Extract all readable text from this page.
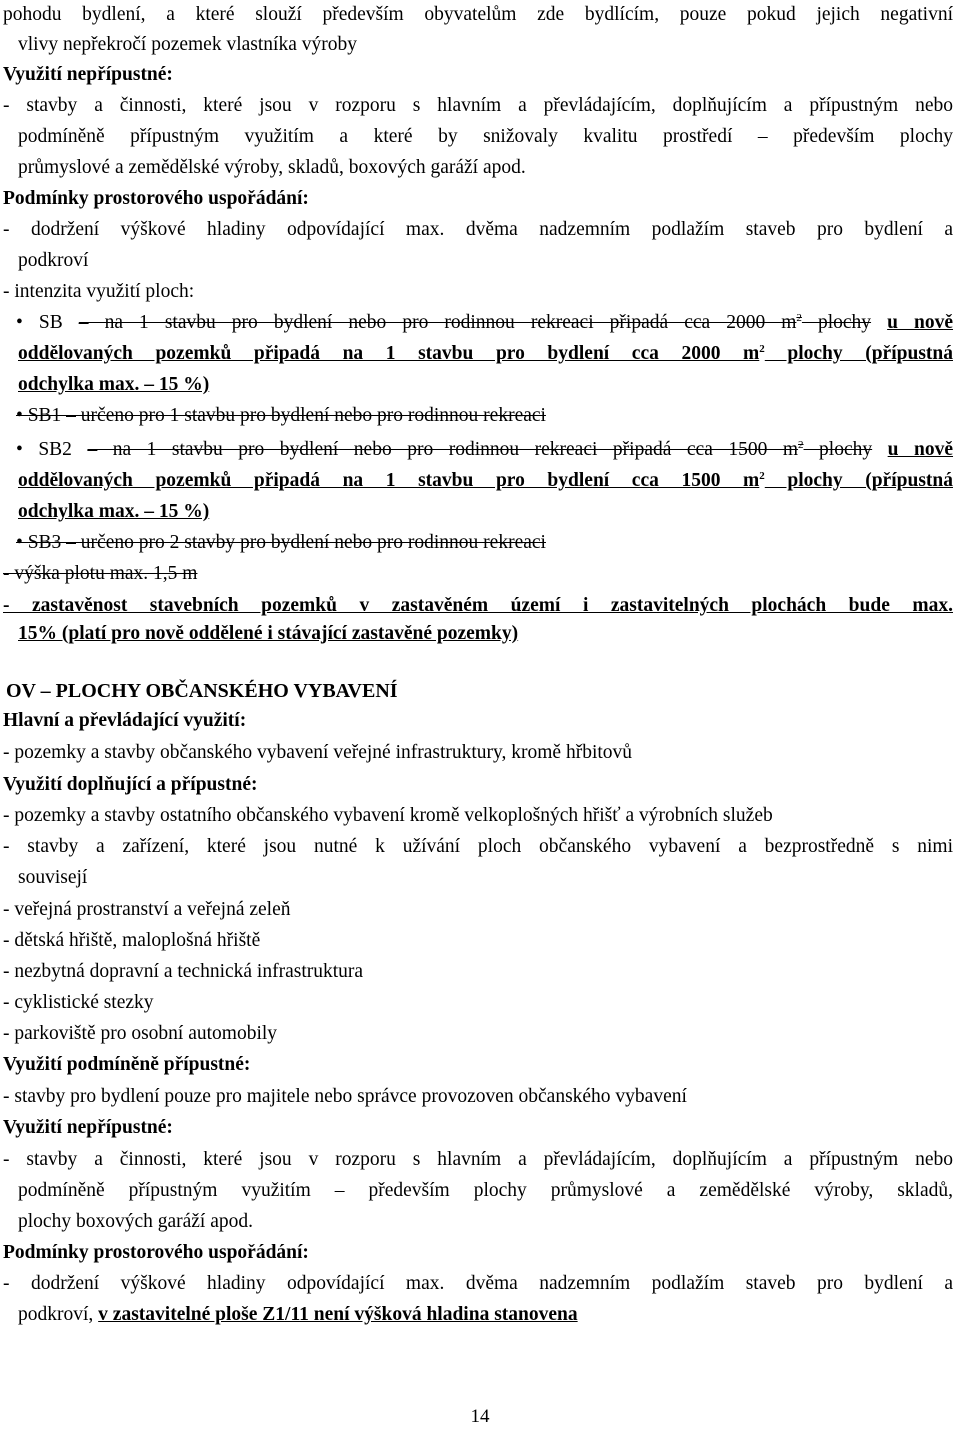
pohodu bydlení, a které slouží především obyvatelům zde bydlícím, pouze pokud jejich negativní
vlivy nepřekročí pozemek vlastníka výroby
Využití nepřípustné:
- stavby a činnosti, které jsou v rozporu s hlavním a převládajícím, doplňujícím a přípustným nebo
podmíněně přípustným využitím a které by snižovaly kvalitu prostředí – především plochy
průmyslové a zemědělské výroby, skladů, boxových garáží apod.
Podmínky prostorového uspořádání:
- dodržení výškové hladiny odpovídající max. dvěma nadzemním podlažím staveb pro bydlení a
podkroví
- intenzita využití ploch:
• SB – na 1 stavbu pro bydlení nebo pro rodinnou rekreaci připadá cca 2000 $m^2$ plochy u nově
oddělovaných pozemků připadá na 1 stavbu pro bydlení cca 2000 $m^2$ plochy (přípustná
odchylka max. – 15 %)
• SB1 – určeno pro 1 stavbu pro bydlení nebo pro rodinnou rekreaci
• SB2 – na 1 stavbu pro bydlení nebo pro rodinnou rekreaci připadá cca 1500 $m^2$ plochy u nově
oddělovaných pozemků připadá na 1 stavbu pro bydlení cca 1500 $m^2$ plochy (přípustná
odchylka max. – 15 %)
• SB3 – určeno pro 2 stavby pro bydlení nebo pro rodinnou rekreaci
- výška plotu max. 1,5 m
- zastavěnost stavebních pozemků v zastavěném území i zastavitelných plochách bude max.
15% (platí pro nově oddělené i stávající zastavěné pozemky)
OV – PLOCHY OBČANSKÉHO VYBAVENÍ
Hlavní a převládající využití:
- pozemky a stavby občanského vybavení veřejné infrastruktury, kromě hřbitovů
Využití doplňující a přípustné:
- pozemky a stavby ostatního občanského vybavení kromě velkoplošných hřišť a výrobních služeb
- stavby a zařízení, které jsou nutné k užívání ploch občanského vybavení a bezprostředně s nimi
souvisejí
- veřejná prostranství a veřejná zeleň
- dětská hřiště, maloplošná hřiště
- nezbytná dopravní a technická infrastruktura
- cyklistické stezky
- parkoviště pro osobní automobily
Využití podmíněně přípustné:
- stavby pro bydlení pouze pro majitele nebo správce provozoven občanského vybavení
Využití nepřípustné:
- stavby a činnosti, které jsou v rozporu s hlavním a převládajícím, doplňujícím a přípustným nebo
podmíněně přípustným využitím – především plochy průmyslové a zemědělské výroby, skladů,
plochy boxových garáží apod.
Podmínky prostorového uspořádání:
- dodržení výškové hladiny odpovídající max. dvěma nadzemním podlažím staveb pro bydlení a
podkroví, v zastavitelné ploše Z1/11 není výšková hladina stanovena
14
